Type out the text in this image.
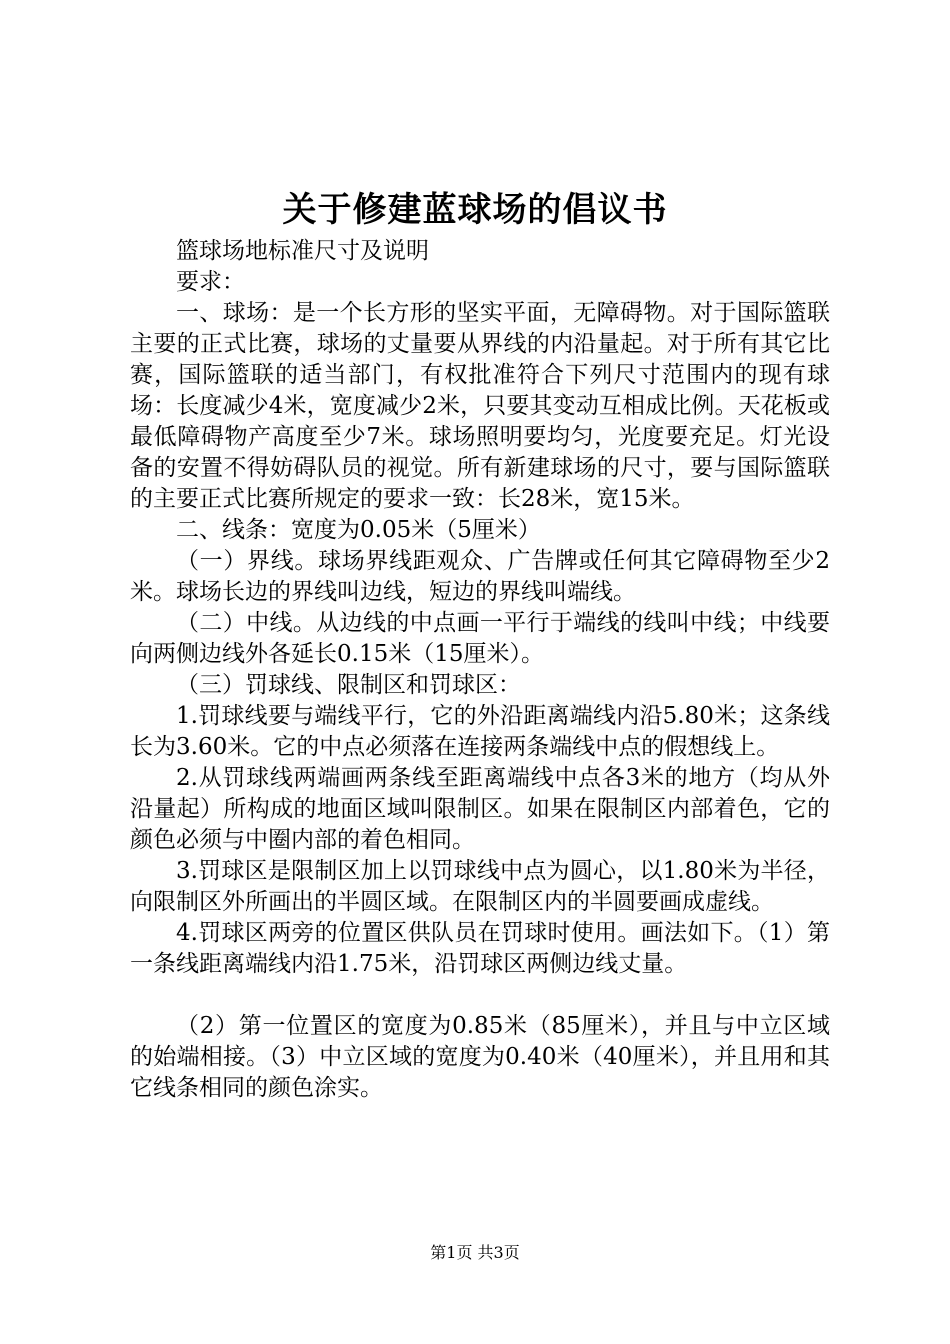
关于修建蓝球场的倡议书

篮球场地标准尺寸及说明

要求：

一、球场：是一个长方形的坚实平面，无障碍物。对于国际篮联主要的正式比赛，球场的丈量要从界线的内沿量起。对于所有其它比赛，国际篮联的适当部门，有权批准符合下列尺寸范围内的现有球场：长度减少4米，宽度减少2米，只要其变动互相成比例。天花板或最低障碍物产高度至少7米。球场照明要均匀，光度要充足。灯光设备的安置不得妨碍队员的视觉。所有新建球场的尺寸，要与国际篮联的主要正式比赛所规定的要求一致：长28米，宽15米。

二、线条：宽度为0.05米（5厘米）

（一）界线。球场界线距观众、广告牌或任何其它障碍物至少2米。球场长边的界线叫边线，短边的界线叫端线。

（二）中线。从边线的中点画一平行于端线的线叫中线；中线要向两侧边线外各延长0.15米（15厘米）。

（三）罚球线、限制区和罚球区：

1.罚球线要与端线平行，它的外沿距离端线内沿5.80米；这条线长为3.60米。它的中点必须落在连接两条端线中点的假想线上。

2.从罚球线两端画两条线至距离端线中点各3米的地方（均从外沿量起）所构成的地面区域叫限制区。如果在限制区内部着色，它的颜色必须与中圈内部的着色相同。

3.罚球区是限制区加上以罚球线中点为圆心，以1.80米为半径，向限制区外所画出的半圆区域。在限制区内的半圆要画成虚线。

4.罚球区两旁的位置区供队员在罚球时使用。画法如下。（1）第一条线距离端线内沿1.75米，沿罚球区两侧边线丈量。

（2）第一位置区的宽度为0.85米（85厘米），并且与中立区域的始端相接。（3）中立区域的宽度为0.40米（40厘米），并且用和其它线条相同的颜色涂实。

第1页 共3页
